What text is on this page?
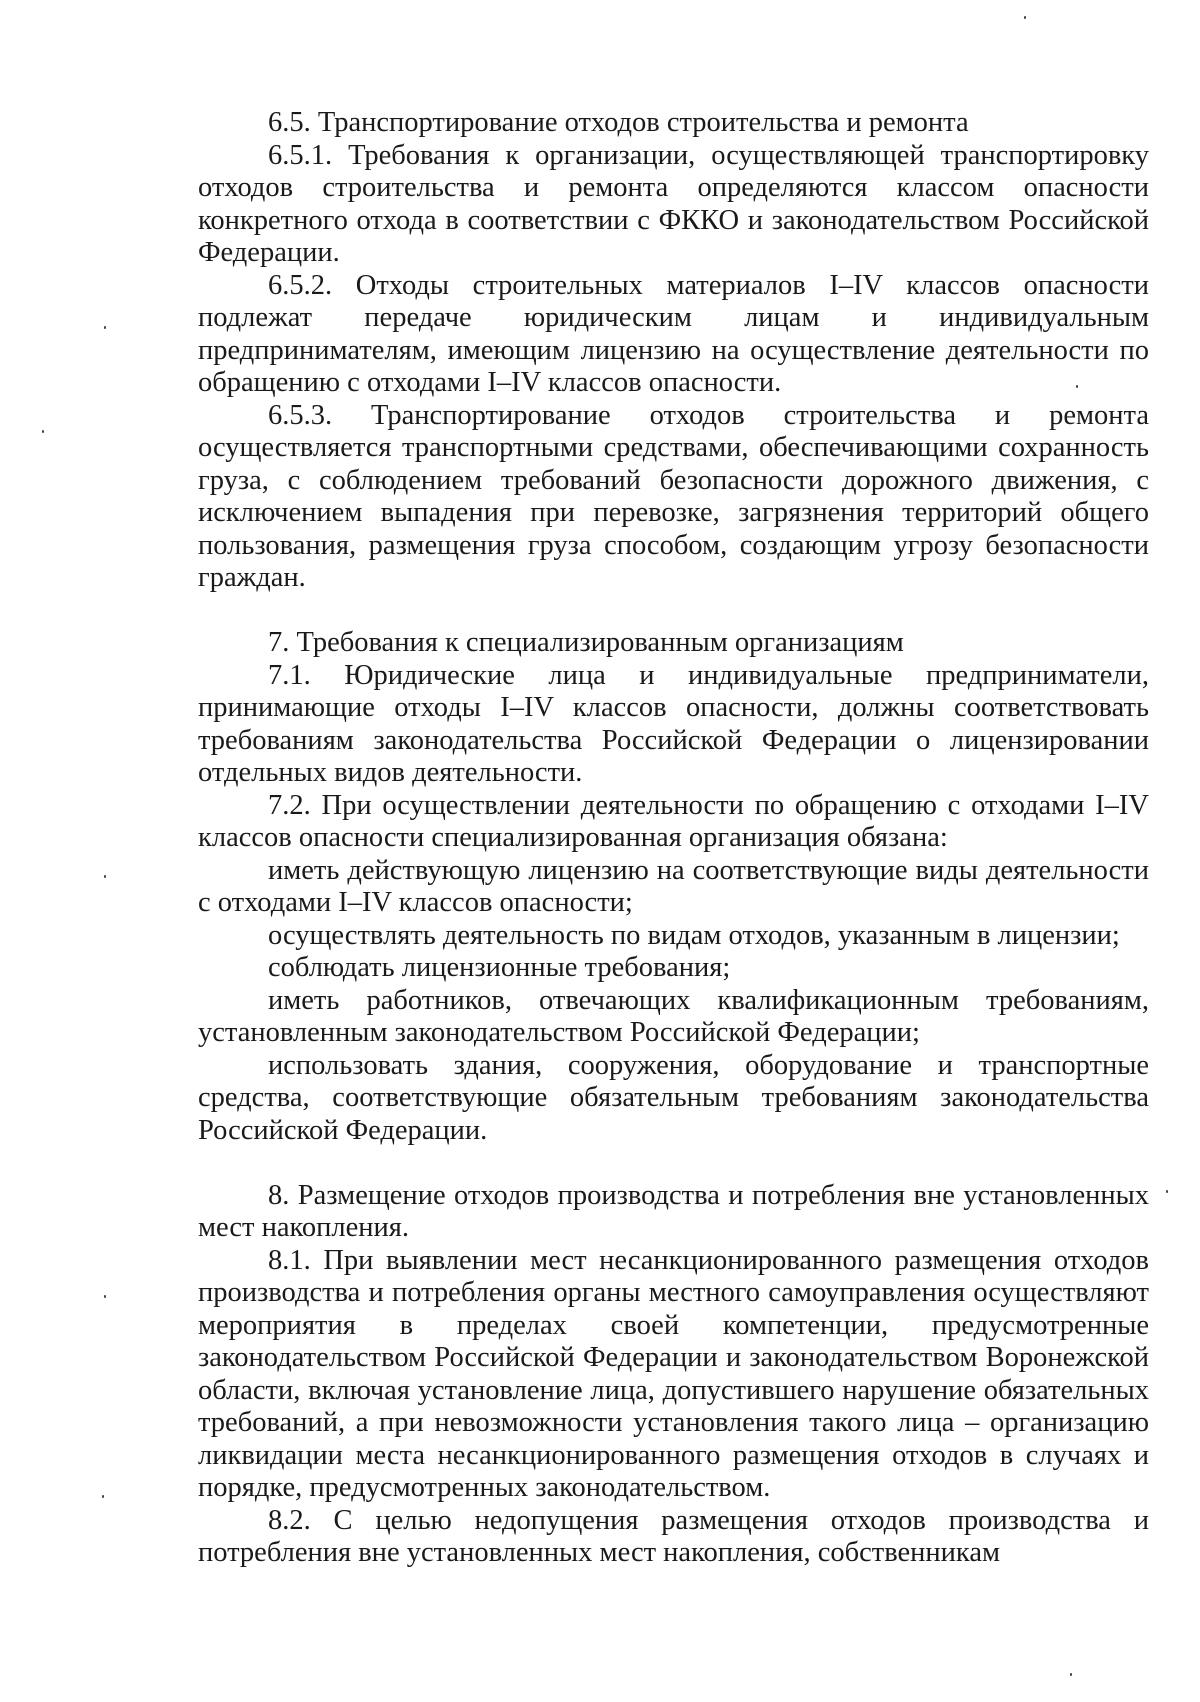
6.5. Транспортирование отходов строительства и ремонта

6.5.1. Требования к организации, осуществляющей транспортировку отходов строительства и ремонта определяются классом опасности конкретного отхода в соответствии с ФККО и законодательством Российской Федерации.

6.5.2. Отходы строительных материалов I–IV классов опасности подлежат передаче юридическим лицам и индивидуальным предпринимателям, имеющим лицензию на осуществление деятельности по обращению с отходами I–IV классов опасности.

6.5.3. Транспортирование отходов строительства и ремонта осуществляется транспортными средствами, обеспечивающими сохранность груза, с соблюдением требований безопасности дорожного движения, с исключением выпадения при перевозке, загрязнения территорий общего пользования, размещения груза способом, создающим угрозу безопасности граждан.

7. Требования к специализированным организациям

7.1. Юридические лица и индивидуальные предприниматели, принимающие отходы I–IV классов опасности, должны соответствовать требованиям законодательства Российской Федерации о лицензировании отдельных видов деятельности.

7.2. При осуществлении деятельности по обращению с отходами I–IV классов опасности специализированная организация обязана:

иметь действующую лицензию на соответствующие виды деятельности с отходами I–IV классов опасности;

осуществлять деятельность по видам отходов, указанным в лицензии;

соблюдать лицензионные требования;

иметь работников, отвечающих квалификационным требованиям, установленным законодательством Российской Федерации;

использовать здания, сооружения, оборудование и транспортные средства, соответствующие обязательным требованиям законодательства Российской Федерации.

8. Размещение отходов производства и потребления вне установленных мест накопления.

8.1. При выявлении мест несанкционированного размещения отходов производства и потребления органы местного самоуправления осуществляют мероприятия в пределах своей компетенции, предусмотренные законодательством Российской Федерации и законодательством Воронежской области, включая установление лица, допустившего нарушение обязательных требований, а при невозможности установления такого лица – организацию ликвидации места несанкционированного размещения отходов в случаях и порядке, предусмотренных законодательством.

8.2. С целью недопущения размещения отходов производства и потребления вне установленных мест накопления, собственникам
